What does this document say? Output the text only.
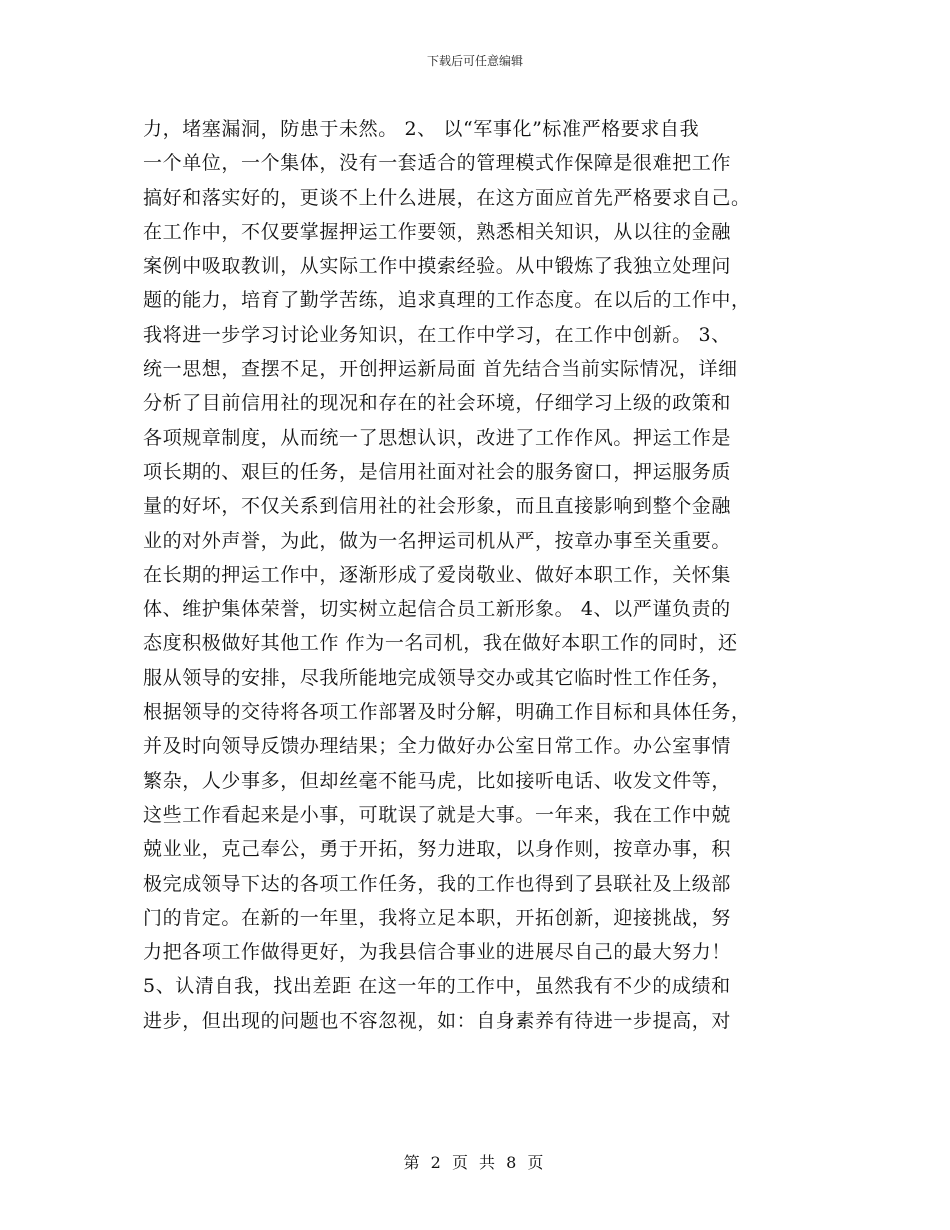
下载后可任意编辑
力，堵塞漏洞，防患于未然。 2、 以“军事化”标准严格要求自我
一个单位，一个集体，没有一套适合的管理模式作保障是很难把工作
搞好和落实好的，更谈不上什么进展，在这方面应首先严格要求自己。
在工作中，不仅要掌握押运工作要领，熟悉相关知识，从以往的金融
案例中吸取教训，从实际工作中摸索经验。从中锻炼了我独立处理问
题的能力，培育了勤学苦练，追求真理的工作态度。在以后的工作中，
我将进一步学习讨论业务知识，在工作中学习，在工作中创新。 3、
统一思想，查摆不足，开创押运新局面 首先结合当前实际情况，详细
分析了目前信用社的现况和存在的社会环境，仔细学习上级的政策和
各项规章制度，从而统一了思想认识，改进了工作作风。押运工作是
项长期的、艰巨的任务，是信用社面对社会的服务窗口，押运服务质
量的好坏，不仅关系到信用社的社会形象，而且直接影响到整个金融
业的对外声誉，为此，做为一名押运司机从严，按章办事至关重要。
在长期的押运工作中，逐渐形成了爱岗敬业、做好本职工作，关怀集
体、维护集体荣誉，切实树立起信合员工新形象。 4、以严谨负责的
态度积极做好其他工作 作为一名司机，我在做好本职工作的同时，还
服从领导的安排，尽我所能地完成领导交办或其它临时性工作任务，
根据领导的交待将各项工作部署及时分解，明确工作目标和具体任务，
并及时向领导反馈办理结果；全力做好办公室日常工作。办公室事情
繁杂，人少事多，但却丝毫不能马虎，比如接听电话、收发文件等，
这些工作看起来是小事，可耽误了就是大事。一年来，我在工作中兢
兢业业，克己奉公，勇于开拓，努力进取，以身作则，按章办事，积
极完成领导下达的各项工作任务，我的工作也得到了县联社及上级部
门的肯定。在新的一年里，我将立足本职，开拓创新，迎接挑战，努
力把各项工作做得更好，为我县信合事业的进展尽自己的最大努力！
5、认清自我，找出差距 在这一年的工作中，虽然我有不少的成绩和
进步，但出现的问题也不容忽视，如：自身素养有待进一步提高，对
第 2 页 共 8 页
